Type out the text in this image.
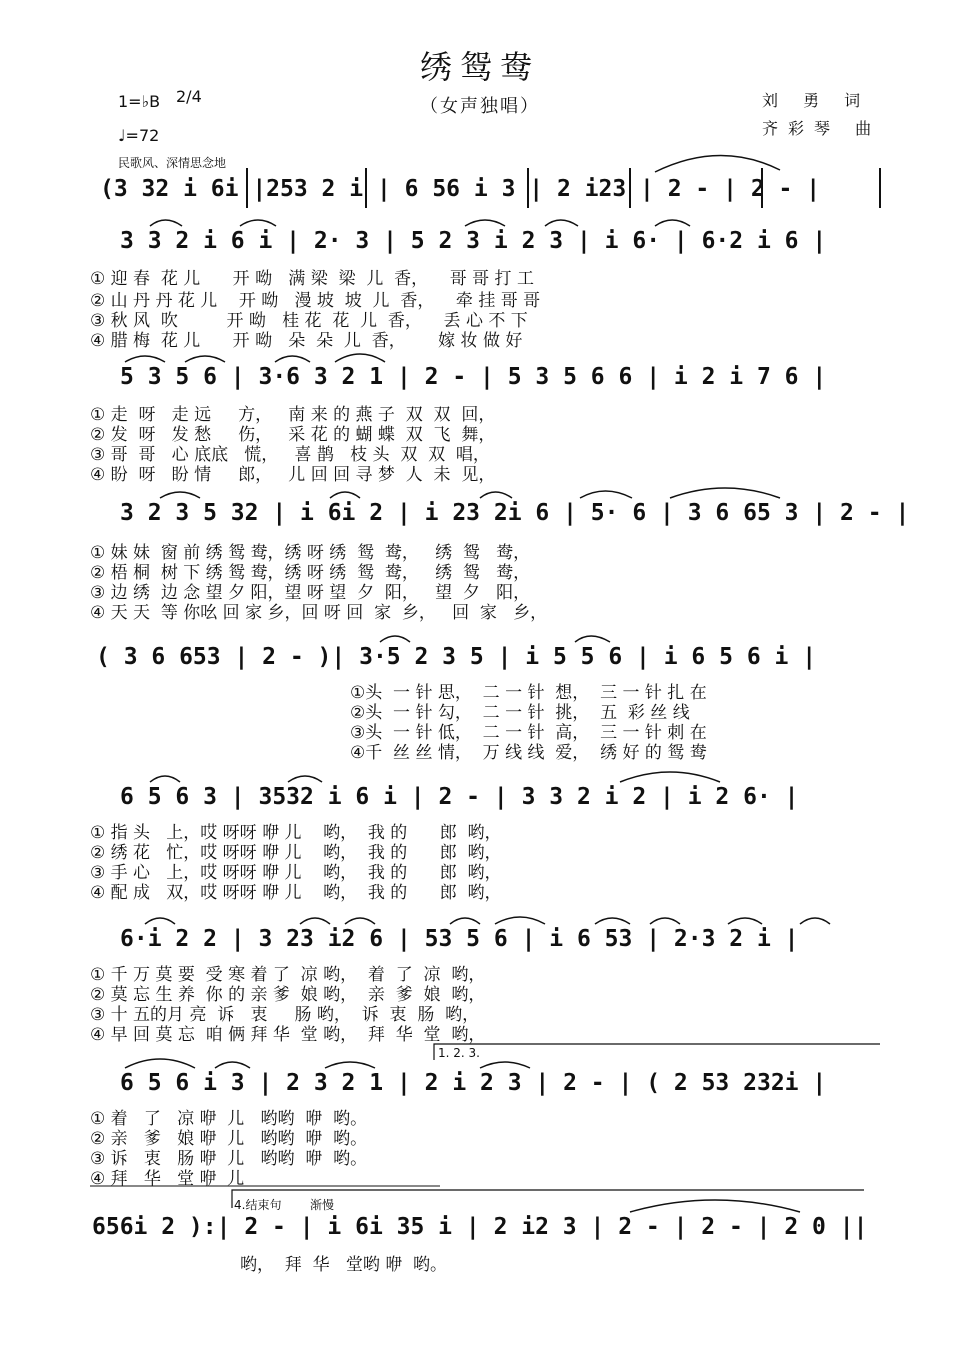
绣鸳鸯
（女声独唱）	刘 勇 词
齐彩琴 曲
1=♭B 2/4
♩=72
民歌风、深情思念地
(3 32 i 6i |253 2 i | 6 56 i 3 | 2 i23 | 2 - | 2 - |
3 3 2 i 6 i | 2· 3 | 5 2 3 i 2 3 | i 6· | 6·2 i 6 |
① 迎 春  花 儿      开 呦   满 梁  梁  儿  香，    哥 哥 打 工
② 山 丹 丹 花 儿    开 呦   漫 坡  坡  儿  香，    牵 挂 哥 哥
③ 秋 风  吹         开 呦   桂 花  花  儿  香，    丢 心 不 下
④ 腊 梅  花 儿      开 呦   朵  朵  儿  香，      嫁 妆 做 好
5 3 5 6 | 3·6 3 2 1 | 2 - | 5 3 5 6 6 | i 2 i 7 6 |
① 走  呀   走 远     方，   南 来 的 燕 子  双  双  回，
② 发  呀   发 愁     伤，   采 花 的 蝴 蝶  双  飞  舞，
③ 哥  哥   心 底底   慌，   喜 鹊   枝 头  双  双  唱，
④ 盼  呀   盼 情     郎，   儿 回 回 寻 梦  人  未  见，
3 2 3 5 32 | i 6i 2 | i 23 2i 6 | 5· 6 | 3 6 65 3 | 2 - |
① 妹 妹  窗 前 绣 鸳 鸯，绣 呀 绣  鸳  鸯，   绣  鸳   鸯，
② 梧 桐  树 下 绣 鸳 鸯，绣 呀 绣  鸳  鸯，   绣  鸳   鸯，
③ 边 绣  边 念 望 夕 阳，望 呀 望  夕  阳，   望  夕   阳，
④ 天 天  等 你吆 回 家 乡，回 呀 回  家  乡，   回  家   乡，
( 3 6 653 | 2 - )| 3·5 2 3 5 | i 5 5 6 | i 6 5 6 i |
①头  一 针 思，  二 一 针  想，  三 一 针 扎 在
②头  一 针 勾，  二 一 针  挑，  五  彩 丝 线
③头  一 针 低，  二 一 针  高，  三 一 针 刺 在
④千  丝 丝 情，  万 线 线  爱，  绣 好 的 鸳 鸯
6 5 6 3 | 3532 i 6 i | 2 - | 3 3 2 i 2 | i 2 6· |
① 指 头   上，哎 呀呀 咿 儿    哟，  我 的      郎  哟，
② 绣 花   忙，哎 呀呀 咿 儿    哟，  我 的      郎  哟，
③ 手 心   上，哎 呀呀 咿 儿    哟，  我 的      郎  哟，
④ 配 成   双，哎 呀呀 咿 儿    哟，  我 的      郎  哟，
6·i 2 2 | 3 23 i2 6 | 53 5 6 | i 6 53 | 2·3 2 i |
① 千 万 莫 要  受 寒 着 了  凉 哟，  着  了  凉  哟，
② 莫 忘 生 养  你 的 亲 爹  娘 哟，  亲  爹  娘  哟，
③ 十 五的月 亮  诉   衷     肠 哟，  诉  衷  肠  哟，
④ 早 回 莫 忘  咱 俩 拜 华  堂 哟，  拜  华  堂  哟，
1. 2. 3.
6 5 6 i 3 | 2 3 2 1 | 2 i 2 3 | 2 - | ( 2 53 232i |
① 着   了   凉 咿  儿   哟哟  咿  哟。
② 亲   爹   娘 咿  儿   哟哟  咿  哟。
③ 诉   衷   肠 咿  儿   哟哟  咿  哟。
④ 拜   华   堂 咿  儿
4.结束句 渐慢
656i 2 ):| 2 - | i 6i 35 i | 2 i2 3 | 2 - | 2 - | 2 0 ||
哟，  拜  华   堂哟 咿  哟。
